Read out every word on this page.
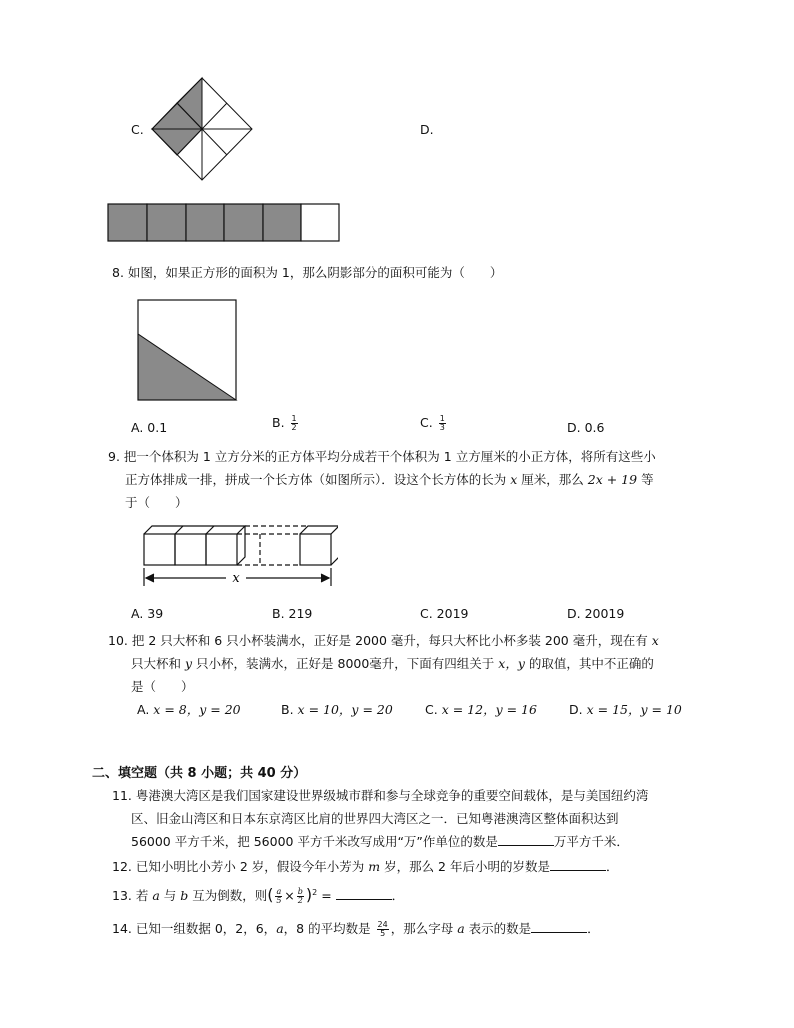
C.	D.
8. 如图，如果正方形的面积为 1，那么阴影部分的面积可能为（　　）
A. 0.1	B. $\frac{1}{2}$	C. $\frac{1}{3}$	D. 0.6
9. 把一个体积为 1 立方分米的正方体平均分成若干个体积为 1 立方厘米的小正方体，将所有这些小
正方体排成一排，拼成一个长方体（如图所示）．设这个长方体的长为 x 厘米，那么 2x + 19 等
于（　　）
x
A. 39	B. 219	C. 2019	D. 20019
10. 把 2 只大杯和 6 只小杯装满水，正好是 2000 毫升，每只大杯比小杯多装 200 毫升，现在有 x
只大杯和 y 只小杯，装满水，正好是 8000毫升，下面有四组关于 x，y 的取值，其中不正确的
是（　　）
A. x = 8，y = 20	B. x = 10，y = 20	C. x = 12，y = 16	D. x = 15，y = 10
二、填空题（共 8 小题；共 40 分）
11. 粤港澳大湾区是我们国家建设世界级城市群和参与全球竞争的重要空间载体，是与美国纽约湾
区、旧金山湾区和日本东京湾区比肩的世界四大湾区之一．已知粤港澳湾区整体面积达到
56000 平方千米，把 56000 平方千米改写成用“万”作单位的数是	万平方千米．
12. 已知小明比小芳小 2 岁，假设今年小芳为 m 岁，那么 2 年后小明的岁数是	．
13. 若 a 与 b 互为倒数，则( $\frac{a}{5} \times \frac{b}{2} )^2$ =	．
14. 已知一组数据 0，2，6，a，8 的平均数是 $\frac{24}{5}$ ，那么字母 a 表示的数是	．
